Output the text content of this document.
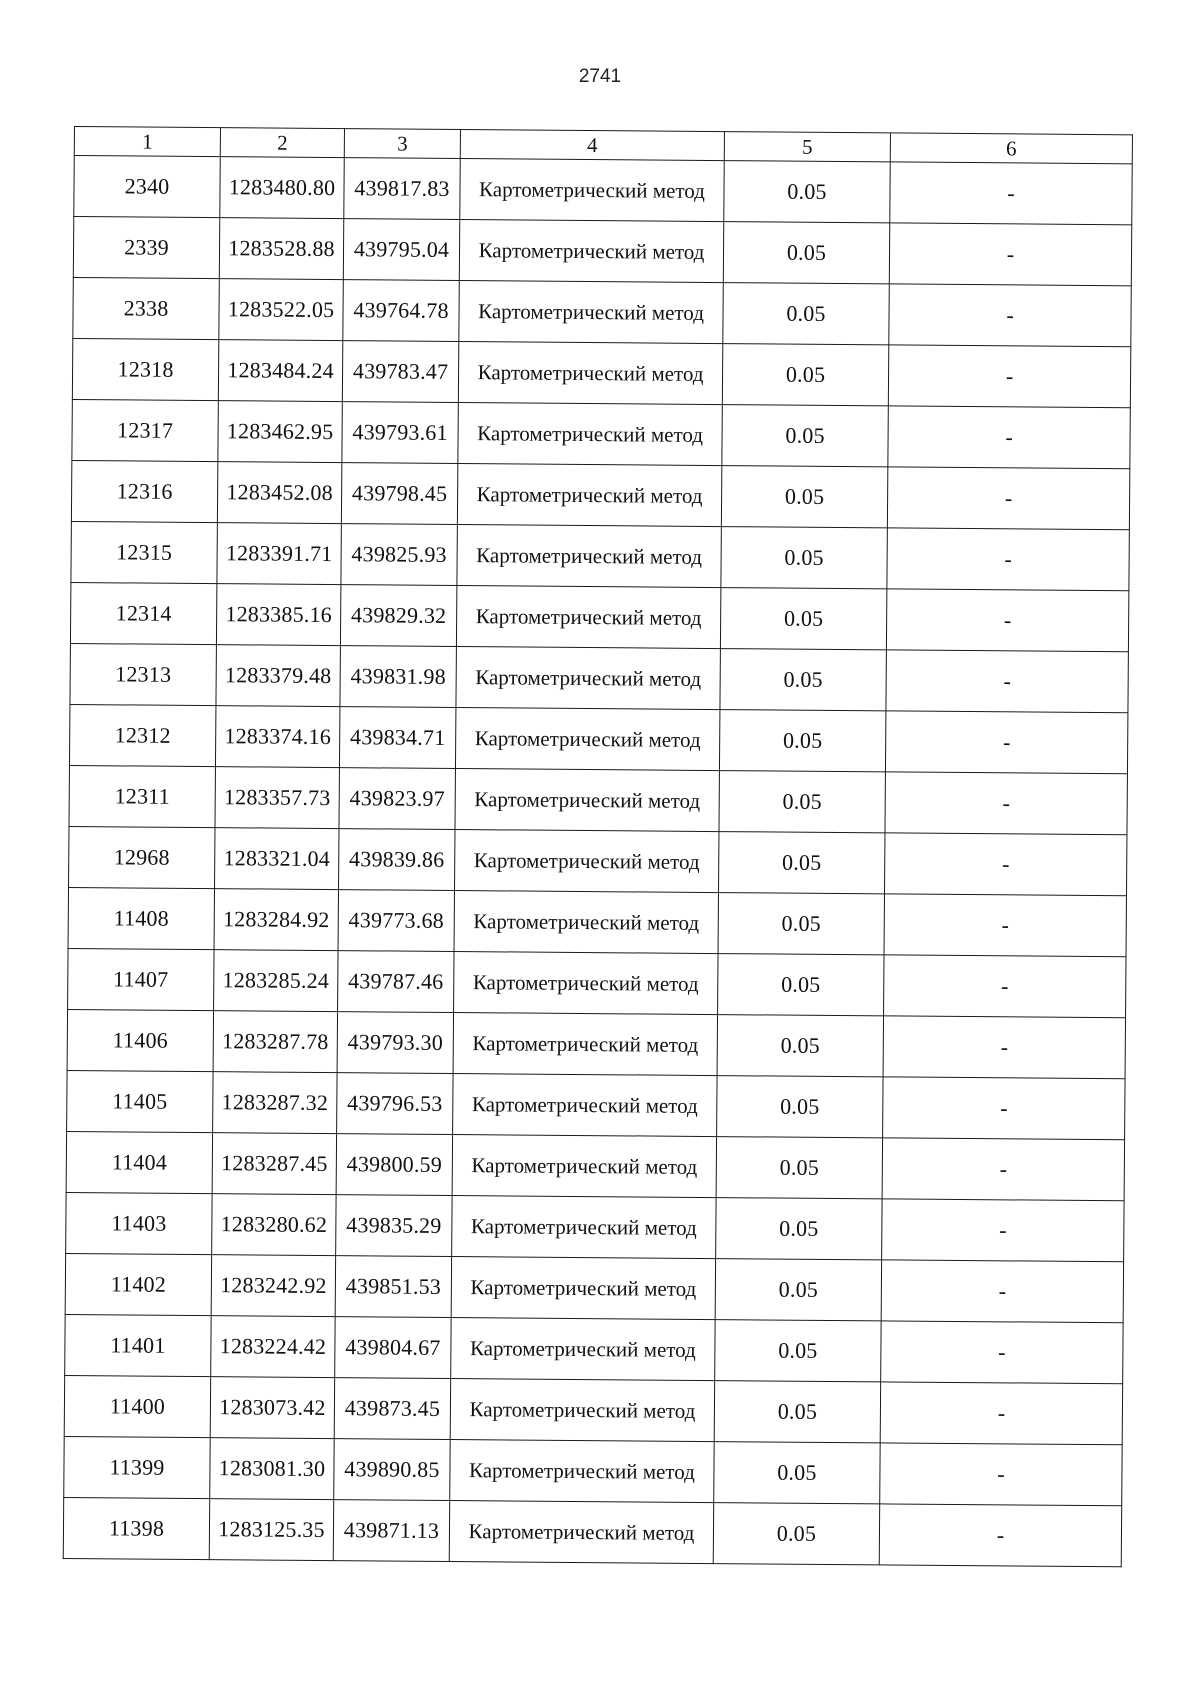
2741
1	2	3	4	5	6
2340	1283480.80	439817.83	Картометрический метод	0.05	-
2339	1283528.88	439795.04	Картометрический метод	0.05	-
2338	1283522.05	439764.78	Картометрический метод	0.05	-
12318	1283484.24	439783.47	Картометрический метод	0.05	-
12317	1283462.95	439793.61	Картометрический метод	0.05	-
12316	1283452.08	439798.45	Картометрический метод	0.05	-
12315	1283391.71	439825.93	Картометрический метод	0.05	-
12314	1283385.16	439829.32	Картометрический метод	0.05	-
12313	1283379.48	439831.98	Картометрический метод	0.05	-
12312	1283374.16	439834.71	Картометрический метод	0.05	-
12311	1283357.73	439823.97	Картометрический метод	0.05	-
12968	1283321.04	439839.86	Картометрический метод	0.05	-
11408	1283284.92	439773.68	Картометрический метод	0.05	-
11407	1283285.24	439787.46	Картометрический метод	0.05	-
11406	1283287.78	439793.30	Картометрический метод	0.05	-
11405	1283287.32	439796.53	Картометрический метод	0.05	-
11404	1283287.45	439800.59	Картометрический метод	0.05	-
11403	1283280.62	439835.29	Картометрический метод	0.05	-
11402	1283242.92	439851.53	Картометрический метод	0.05	-
11401	1283224.42	439804.67	Картометрический метод	0.05	-
11400	1283073.42	439873.45	Картометрический метод	0.05	-
11399	1283081.30	439890.85	Картометрический метод	0.05	-
11398	1283125.35	439871.13	Картометрический метод	0.05	-
